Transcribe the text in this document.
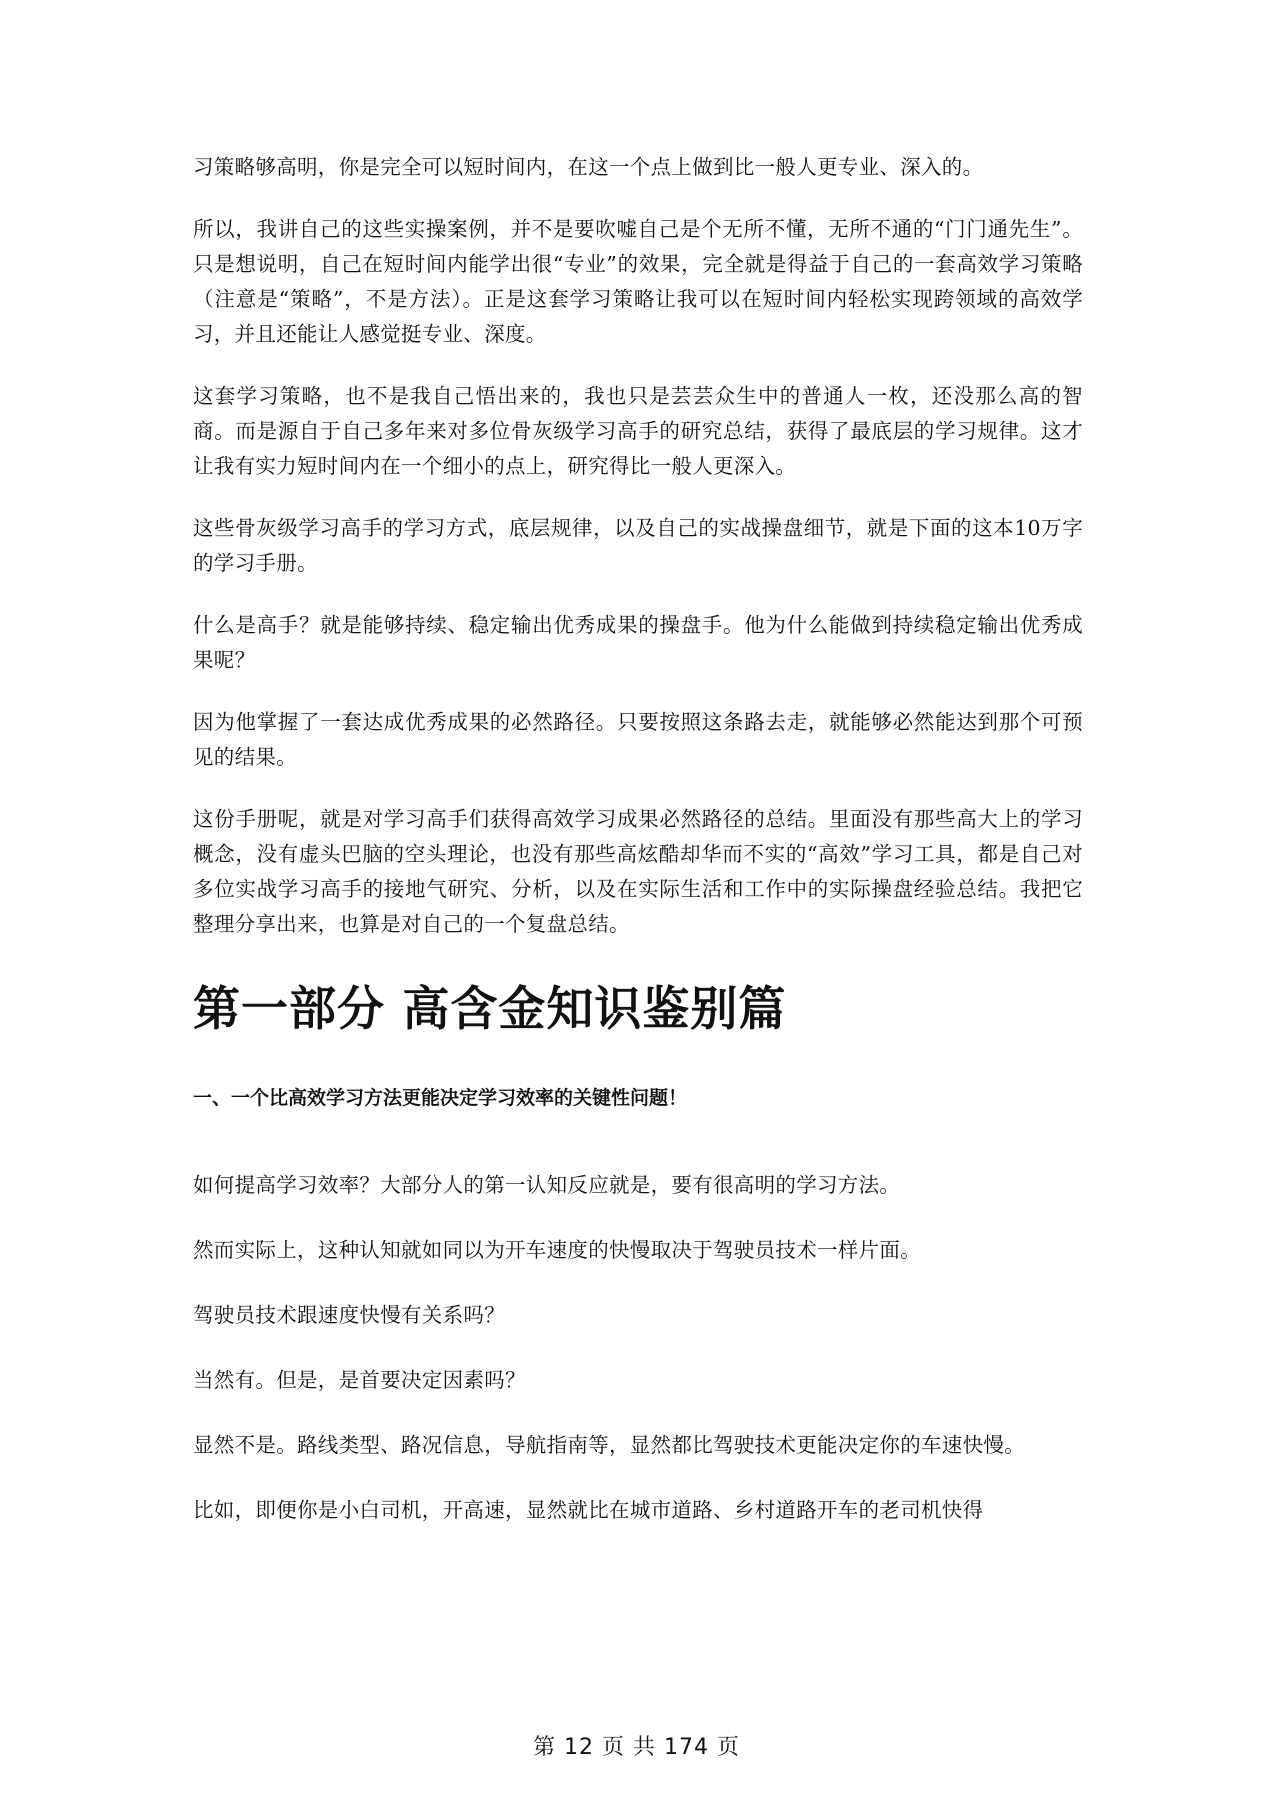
习策略够高明，你是完全可以短时间内，在这一个点上做到比一般人更专业、深入的。

所以，我讲自己的这些实操案例，并不是要吹嘘自己是个无所不懂，无所不通的“门门通先生”。只是想说明，自己在短时间内能学出很“专业”的效果，完全就是得益于自己的一套高效学习策略（注意是“策略”，不是方法）。正是这套学习策略让我可以在短时间内轻松实现跨领域的高效学习，并且还能让人感觉挺专业、深度。

这套学习策略，也不是我自己悟出来的，我也只是芸芸众生中的普通人一枚，还没那么高的智商。而是源自于自己多年来对多位骨灰级学习高手的研究总结，获得了最底层的学习规律。这才让我有实力短时间内在一个细小的点上，研究得比一般人更深入。

这些骨灰级学习高手的学习方式，底层规律，以及自己的实战操盘细节，就是下面的这本10万字的学习手册。

什么是高手？就是能够持续、稳定输出优秀成果的操盘手。他为什么能做到持续稳定输出优秀成果呢？

因为他掌握了一套达成优秀成果的必然路径。只要按照这条路去走，就能够必然能达到那个可预见的结果。

这份手册呢，就是对学习高手们获得高效学习成果必然路径的总结。里面没有那些高大上的学习概念，没有虚头巴脑的空头理论，也没有那些高炫酷却华而不实的“高效”学习工具，都是自己对多位实战学习高手的接地气研究、分析，以及在实际生活和工作中的实际操盘经验总结。我把它整理分享出来，也算是对自己的一个复盘总结。

第一部分 高含金知识鉴别篇
一、一个比高效学习方法更能决定学习效率的关键性问题！

如何提高学习效率？大部分人的第一认知反应就是，要有很高明的学习方法。

然而实际上，这种认知就如同以为开车速度的快慢取决于驾驶员技术一样片面。

驾驶员技术跟速度快慢有关系吗？

当然有。但是，是首要决定因素吗？

显然不是。路线类型、路况信息，导航指南等，显然都比驾驶技术更能决定你的车速快慢。

比如，即便你是小白司机，开高速，显然就比在城市道路、乡村道路开车的老司机快得

第 12 页 共 174 页
